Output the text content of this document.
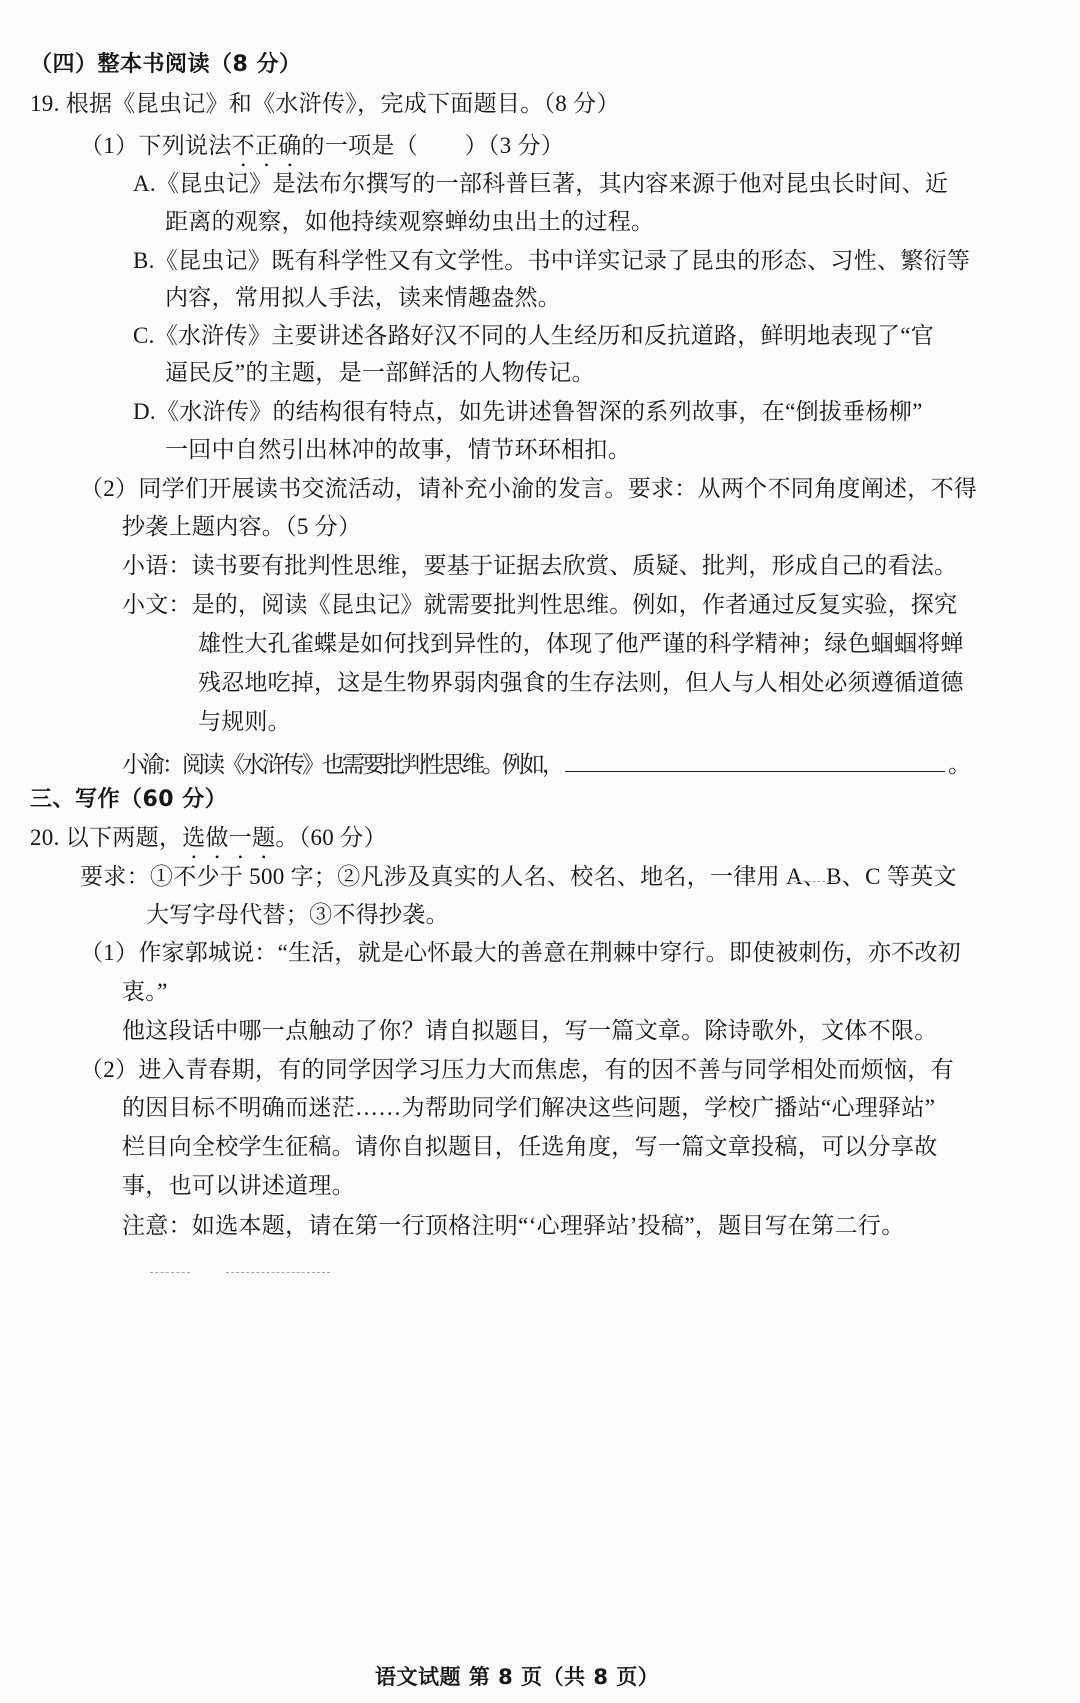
（四）整本书阅读（8 分）
19. 根据《昆虫记》和《水浒传》，完成下面题目。（8 分）
（1）下列说法不正确的一项是（　　）（3 分）
A.《昆虫记》是法布尔撰写的一部科普巨著，其内容来源于他对昆虫长时间、近
距离的观察，如他持续观察蝉幼虫出土的过程。
B.《昆虫记》既有科学性又有文学性。书中详实记录了昆虫的形态、习性、繁衍等
内容，常用拟人手法，读来情趣盎然。
C.《水浒传》主要讲述各路好汉不同的人生经历和反抗道路，鲜明地表现了“官
逼民反”的主题，是一部鲜活的人物传记。
D.《水浒传》的结构很有特点，如先讲述鲁智深的系列故事，在“倒拔垂杨柳”
一回中自然引出林冲的故事，情节环环相扣。
（2）同学们开展读书交流活动，请补充小渝的发言。要求：从两个不同角度阐述，不得
抄袭上题内容。（5 分）
小语：读书要有批判性思维，要基于证据去欣赏、质疑、批判，形成自己的看法。
小文：是的，阅读《昆虫记》就需要批判性思维。例如，作者通过反复实验，探究
雄性大孔雀蝶是如何找到异性的，体现了他严谨的科学精神；绿色蝈蝈将蝉
残忍地吃掉，这是生物界弱肉强食的生存法则，但人与人相处必须遵循道德
与规则。
小渝：阅读《水浒传》也需要批判性思维。例如，	。
三、写作（60 分）
20. 以下两题，选做一题。（60 分）
要求：①不少于 500 字；②凡涉及真实的人名、校名、地名，一律用 A、B、C 等英文
大写字母代替；③不得抄袭。
（1）作家郭城说：“生活，就是心怀最大的善意在荆棘中穿行。即使被刺伤，亦不改初
衷。”
他这段话中哪一点触动了你？请自拟题目，写一篇文章。除诗歌外，文体不限。
（2）进入青春期，有的同学因学习压力大而焦虑，有的因不善与同学相处而烦恼，有
的因目标不明确而迷茫……为帮助同学们解决这些问题，学校广播站“心理驿站”
栏目向全校学生征稿。请你自拟题目，任选角度，写一篇文章投稿，可以分享故
事，也可以讲述道理。
注意：如选本题，请在第一行顶格注明“‘心理驿站’投稿”，题目写在第二行。
语文试题 第 8 页（共 8 页）
